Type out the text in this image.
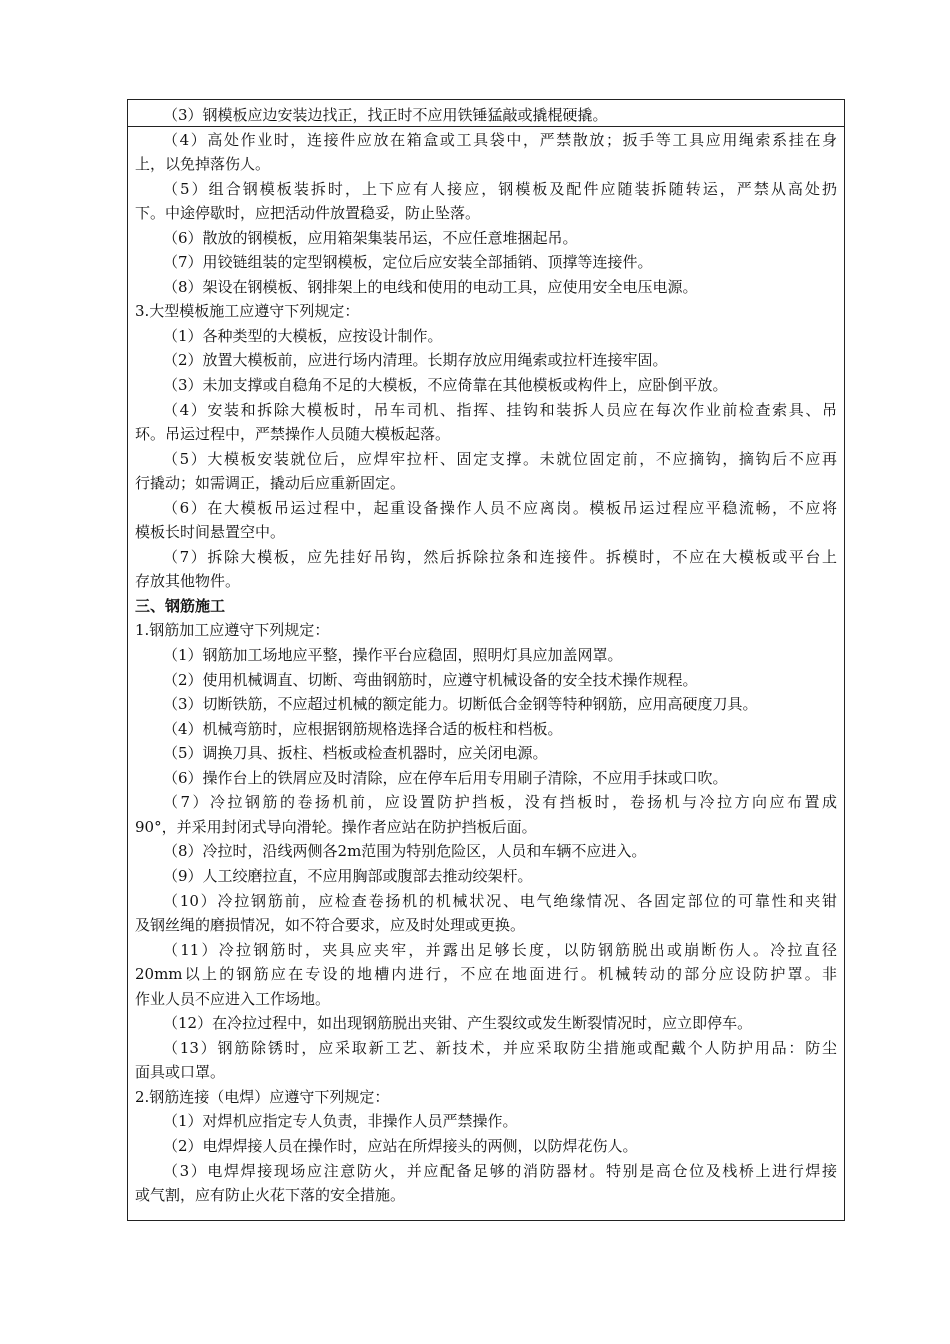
（3）钢模板应边安装边找正，找正时不应用铁锤猛敲或撬棍硬撬。
（4）高处作业时，连接件应放在箱盒或工具袋中，严禁散放；扳手等工具应用绳索系挂在身
上，以免掉落伤人。
（5）组合钢模板装拆时，上下应有人接应，钢模板及配件应随装拆随转运，严禁从高处扔
下。中途停歇时，应把活动件放置稳妥，防止坠落。
（6）散放的钢模板，应用箱架集装吊运，不应任意堆捆起吊。
（7）用铰链组装的定型钢模板，定位后应安装全部插销、顶撑等连接件。
（8）架设在钢模板、钢排架上的电线和使用的电动工具，应使用安全电压电源。
3.大型模板施工应遵守下列规定：
（1）各种类型的大模板，应按设计制作。
（2）放置大模板前，应进行场内清理。长期存放应用绳索或拉杆连接牢固。
（3）未加支撑或自稳角不足的大模板，不应倚靠在其他模板或构件上，应卧倒平放。
（4）安装和拆除大模板时，吊车司机、指挥、挂钩和装拆人员应在每次作业前检查索具、吊
环。吊运过程中，严禁操作人员随大模板起落。
（5）大模板安装就位后，应焊牢拉杆、固定支撑。未就位固定前，不应摘钩，摘钩后不应再
行撬动；如需调正，撬动后应重新固定。
（6）在大模板吊运过程中，起重设备操作人员不应离岗。模板吊运过程应平稳流畅，不应将
模板长时间悬置空中。
（7）拆除大模板，应先挂好吊钩，然后拆除拉条和连接件。拆模时，不应在大模板或平台上
存放其他物件。
三、钢筋施工
1.钢筋加工应遵守下列规定：
（1）钢筋加工场地应平整，操作平台应稳固，照明灯具应加盖网罩。
（2）使用机械调直、切断、弯曲钢筋时，应遵守机械设备的安全技术操作规程。
（3）切断铁筋，不应超过机械的额定能力。切断低合金钢等特种钢筋，应用高硬度刀具。
（4）机械弯筋时，应根据钢筋规格选择合适的板柱和档板。
（5）调换刀具、扳柱、档板或检查机器时，应关闭电源。
（6）操作台上的铁屑应及时清除，应在停车后用专用刷子清除，不应用手抹或口吹。
（7）冷拉钢筋的卷扬机前，应设置防护挡板，没有挡板时，卷扬机与冷拉方向应布置成
90°，并采用封闭式导向滑轮。操作者应站在防护挡板后面。
（8）冷拉时，沿线两侧各2m范围为特别危险区，人员和车辆不应进入。
（9）人工绞磨拉直，不应用胸部或腹部去推动绞架杆。
（10）冷拉钢筋前，应检查卷扬机的机械状况、电气绝缘情况、各固定部位的可靠性和夹钳
及钢丝绳的磨损情况，如不符合要求，应及时处理或更换。
（11）冷拉钢筋时，夹具应夹牢，并露出足够长度，以防钢筋脱出或崩断伤人。冷拉直径
20mm以上的钢筋应在专设的地槽内进行，不应在地面进行。机械转动的部分应设防护罩。非
作业人员不应进入工作场地。
（12）在冷拉过程中，如出现钢筋脱出夹钳、产生裂纹或发生断裂情况时，应立即停车。
（13）钢筋除锈时，应采取新工艺、新技术，并应采取防尘措施或配戴个人防护用品：防尘
面具或口罩。
2.钢筋连接（电焊）应遵守下列规定：
（1）对焊机应指定专人负责，非操作人员严禁操作。
（2）电焊焊接人员在操作时，应站在所焊接头的两侧，以防焊花伤人。
（3）电焊焊接现场应注意防火，并应配备足够的消防器材。特别是高仓位及栈桥上进行焊接
或气割，应有防止火花下落的安全措施。
